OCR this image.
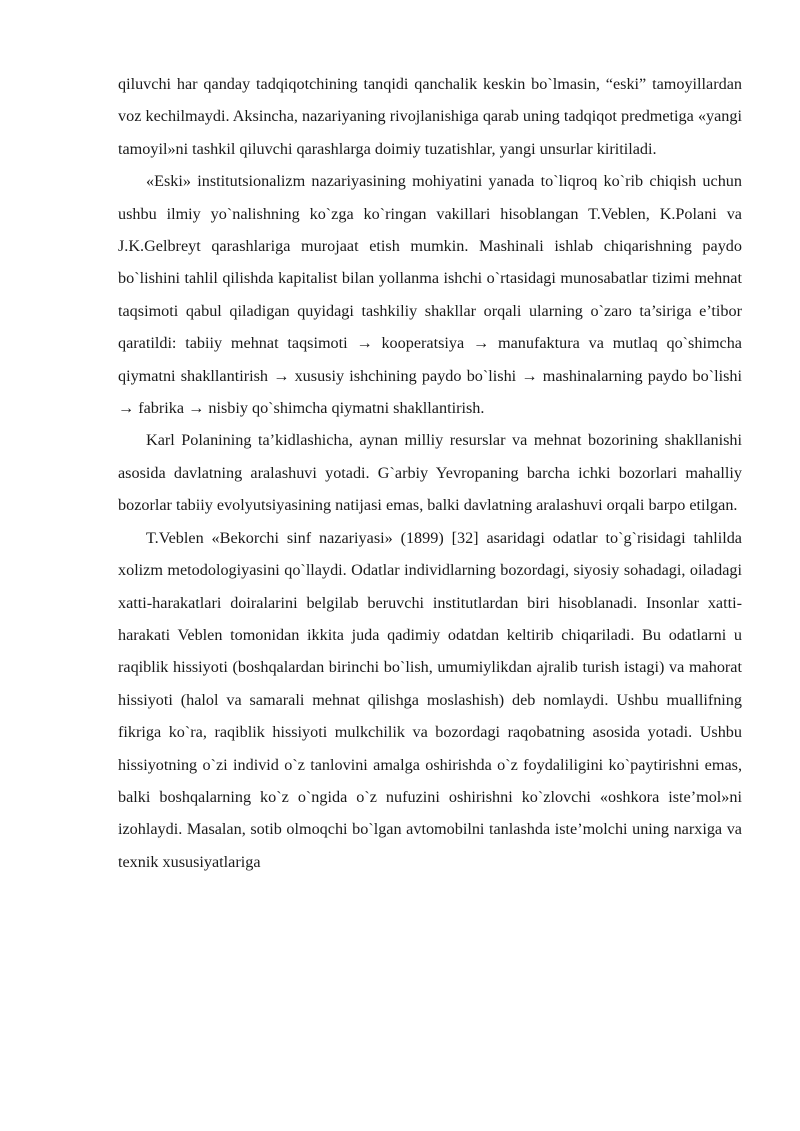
qiluvchi har qanday tadqiqotchining tanqidi qanchalik keskin bo`lmasin, “eski” tamoyillardan voz kechilmaydi. Aksincha, nazariyaning rivojlanishiga qarab uning tadqiqot predmetiga «yangi tamoyil»ni tashkil qiluvchi qarashlarga doimiy tuzatishlar, yangi unsurlar kiritiladi.

«Eski» institutsionalizm nazariyasining mohiyatini yanada to`liqroq ko`rib chiqish uchun ushbu ilmiy yo`nalishning ko`zga ko`ringan vakillari hisoblangan T.Veblen, K.Polani va J.K.Gelbreyt qarashlariga murojaat etish mumkin. Mashinali ishlab chiqarishning paydo bo`lishini tahlil qilishda kapitalist bilan yollanma ishchi o`rtasidagi munosabatlar tizimi mehnat taqsimoti qabul qiladigan quyidagi tashkiliy shakllar orqali ularning o`zaro ta’siriga e’tibor qaratildi: tabiiy mehnat taqsimoti → kooperatsiya → manufaktura va mutlaq qo`shimcha qiymatni shakllantirish → xususiy ishchining paydo bo`lishi → mashinalarning paydo bo`lishi → fabrika → nisbiy qo`shimcha qiymatni shakllantirish.

Karl Polanining ta’kidlashicha, aynan milliy resurslar va mehnat bozorining shakllanishi asosida davlatning aralashuvi yotadi. G`arbiy Yevropaning barcha ichki bozorlari mahalliy bozorlar tabiiy evolyutsiyasining natijasi emas, balki davlatning aralashuvi orqali barpo etilgan.

T.Veblen «Bekorchi sinf nazariyasi» (1899) [32] asaridagi odatlar to`g`risidagi tahlilda xolizm metodologiyasini qo`llaydi. Odatlar individlarning bozordagi, siyosiy sohadagi, oiladagi xatti-harakatlari doiralarini belgilab beruvchi institutlardan biri hisoblanadi. Insonlar xatti-harakati Veblen tomonidan ikkita juda qadimiy odatdan keltirib chiqariladi. Bu odatlarni u raqiblik hissiyoti (boshqalardan birinchi bo`lish, umumiylikdan ajralib turish istagi) va mahorat hissiyoti (halol va samarali mehnat qilishga moslashish) deb nomlaydi. Ushbu muallifning fikriga ko`ra, raqiblik hissiyoti mulkchilik va bozordagi raqobatning asosida yotadi. Ushbu hissiyotning o`zi individ o`z tanlovini amalga oshirishda o`z foydaliligini ko`paytirishni emas, balki boshqalarning ko`z o`ngida o`z nufuzini oshirishni ko`zlovchi «oshkora iste’mol»ni izohlaydi. Masalan, sotib olmoqchi bo`lgan avtomobilni tanlashda iste’molchi uning narxiga va texnik xususiyatlariga
